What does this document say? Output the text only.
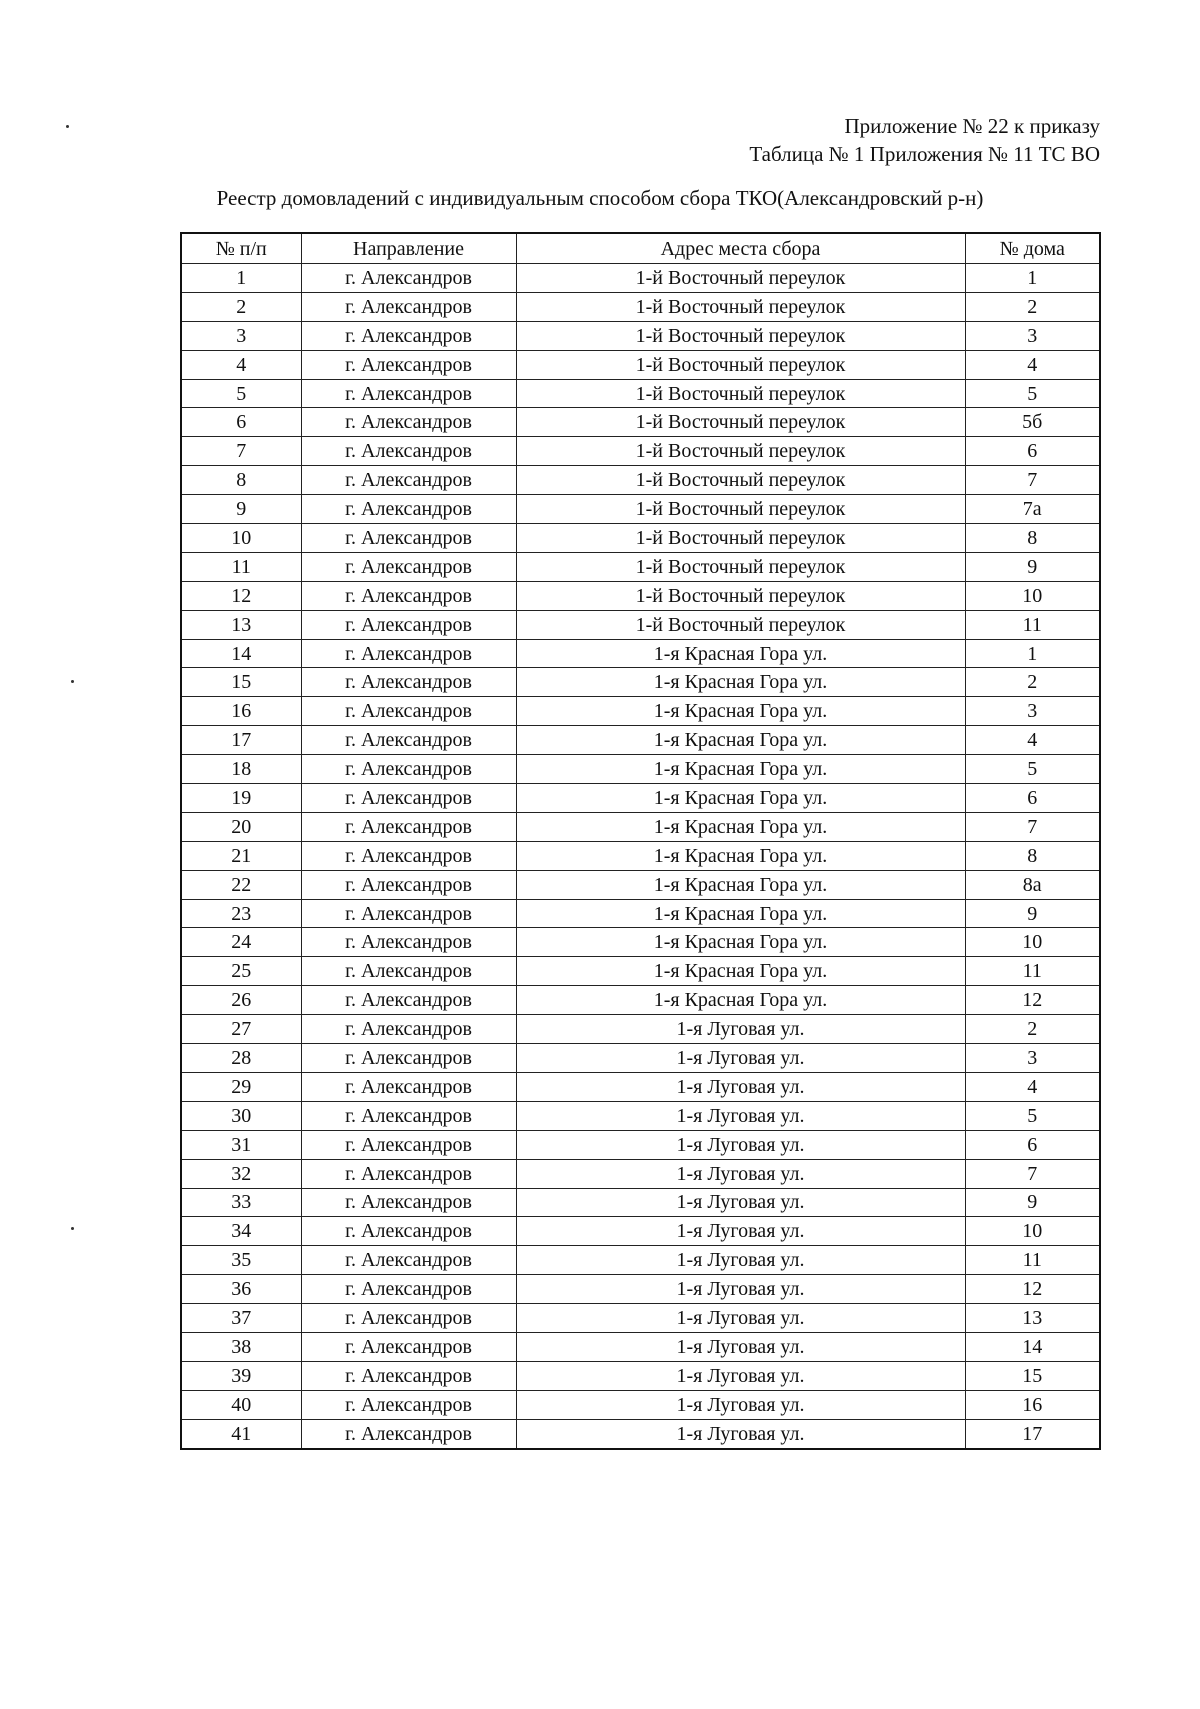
Приложение № 22 к приказу
Таблица № 1 Приложения № 11 ТС ВО
Реестр домовладений с индивидуальным способом сбора ТКО(Александровский р-н)
№ п/п	Направление	Адрес места сбора	№ дома
1	г. Александров	1-й Восточный переулок	1
2	г. Александров	1-й Восточный переулок	2
3	г. Александров	1-й Восточный переулок	3
4	г. Александров	1-й Восточный переулок	4
5	г. Александров	1-й Восточный переулок	5
6	г. Александров	1-й Восточный переулок	5б
7	г. Александров	1-й Восточный переулок	6
8	г. Александров	1-й Восточный переулок	7
9	г. Александров	1-й Восточный переулок	7а
10	г. Александров	1-й Восточный переулок	8
11	г. Александров	1-й Восточный переулок	9
12	г. Александров	1-й Восточный переулок	10
13	г. Александров	1-й Восточный переулок	11
14	г. Александров	1-я Красная Гора ул.	1
15	г. Александров	1-я Красная Гора ул.	2
16	г. Александров	1-я Красная Гора ул.	3
17	г. Александров	1-я Красная Гора ул.	4
18	г. Александров	1-я Красная Гора ул.	5
19	г. Александров	1-я Красная Гора ул.	6
20	г. Александров	1-я Красная Гора ул.	7
21	г. Александров	1-я Красная Гора ул.	8
22	г. Александров	1-я Красная Гора ул.	8а
23	г. Александров	1-я Красная Гора ул.	9
24	г. Александров	1-я Красная Гора ул.	10
25	г. Александров	1-я Красная Гора ул.	11
26	г. Александров	1-я Красная Гора ул.	12
27	г. Александров	1-я Луговая ул.	2
28	г. Александров	1-я Луговая ул.	3
29	г. Александров	1-я Луговая ул.	4
30	г. Александров	1-я Луговая ул.	5
31	г. Александров	1-я Луговая ул.	6
32	г. Александров	1-я Луговая ул.	7
33	г. Александров	1-я Луговая ул.	9
34	г. Александров	1-я Луговая ул.	10
35	г. Александров	1-я Луговая ул.	11
36	г. Александров	1-я Луговая ул.	12
37	г. Александров	1-я Луговая ул.	13
38	г. Александров	1-я Луговая ул.	14
39	г. Александров	1-я Луговая ул.	15
40	г. Александров	1-я Луговая ул.	16
41	г. Александров	1-я Луговая ул.	17
